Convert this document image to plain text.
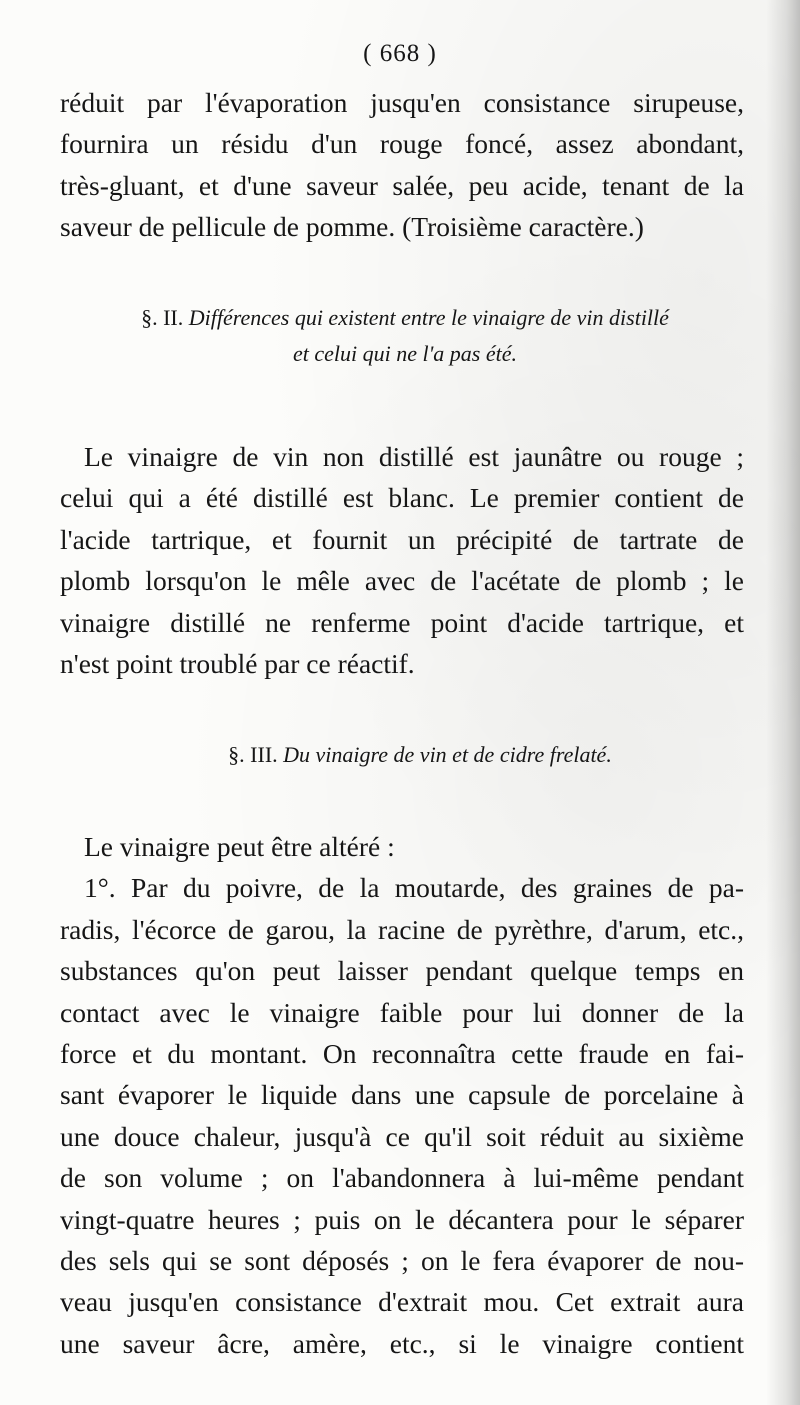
( 668 )
réduit par l'évaporation jusqu'en consistance sirupeuse,
fournira un résidu d'un rouge foncé, assez abondant,
très-gluant, et d'une saveur salée, peu acide, tenant de la
saveur de pellicule de pomme. (Troisième caractère.)
§. II. Différences qui existent entre le vinaigre de vin distillé
et celui qui ne l'a pas été.
Le vinaigre de vin non distillé est jaunâtre ou rouge ;
celui qui a été distillé est blanc. Le premier contient de
l'acide tartrique, et fournit un précipité de tartrate de
plomb lorsqu'on le mêle avec de l'acétate de plomb ; le
vinaigre distillé ne renferme point d'acide tartrique, et
n'est point troublé par ce réactif.
§. III. Du vinaigre de vin et de cidre frelaté.
Le vinaigre peut être altéré :
1°. Par du poivre, de la moutarde, des graines de pa-
radis, l'écorce de garou, la racine de pyrèthre, d'arum, etc.,
substances qu'on peut laisser pendant quelque temps en
contact avec le vinaigre faible pour lui donner de la
force et du montant. On reconnaîtra cette fraude en fai-
sant évaporer le liquide dans une capsule de porcelaine à
une douce chaleur, jusqu'à ce qu'il soit réduit au sixième
de son volume ; on l'abandonnera à lui-même pendant
vingt-quatre heures ; puis on le décantera pour le séparer
des sels qui se sont déposés ; on le fera évaporer de nou-
veau jusqu'en consistance d'extrait mou. Cet extrait aura
une saveur âcre, amère, etc., si le vinaigre contient
